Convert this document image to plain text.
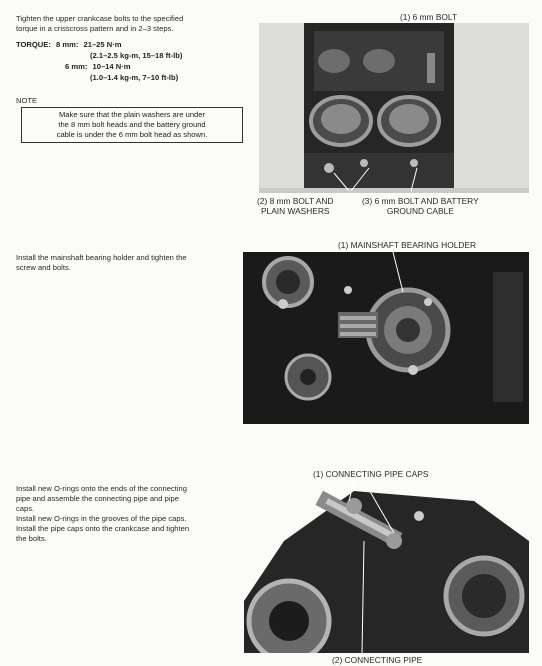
Tighten the upper crankcase bolts to the specified
torque in a crisscross pattern and in 2–3 steps.
TORQUE: 8 mm: 21–25 N·m
(2.1–2.5 kg-m, 15–18 ft-lb)
6 mm: 10–14 N·m
(1.0–1.4 kg-m, 7–10 ft-lb)
NOTE
Make sure that the plain washers are under
the 8 mm bolt heads and the battery ground
cable is under the 6 mm bolt head as shown.
(1) 6 mm BOLT
(2) 8 mm BOLT AND
PLAIN WASHERS
(3) 6 mm BOLT AND BATTERY
GROUND CABLE
Install the mainshaft bearing holder and tighten the
screw and bolts.
(1) MAINSHAFT BEARING HOLDER
Install new O-rings onto the ends of the connecting
pipe and assemble the connecting pipe and pipe
caps.
Install new O-rings in the grooves of the pipe caps.
Install the pipe caps onto the crankcase and tighten
the bolts.
(1) CONNECTING PIPE CAPS
(2) CONNECTING PIPE
